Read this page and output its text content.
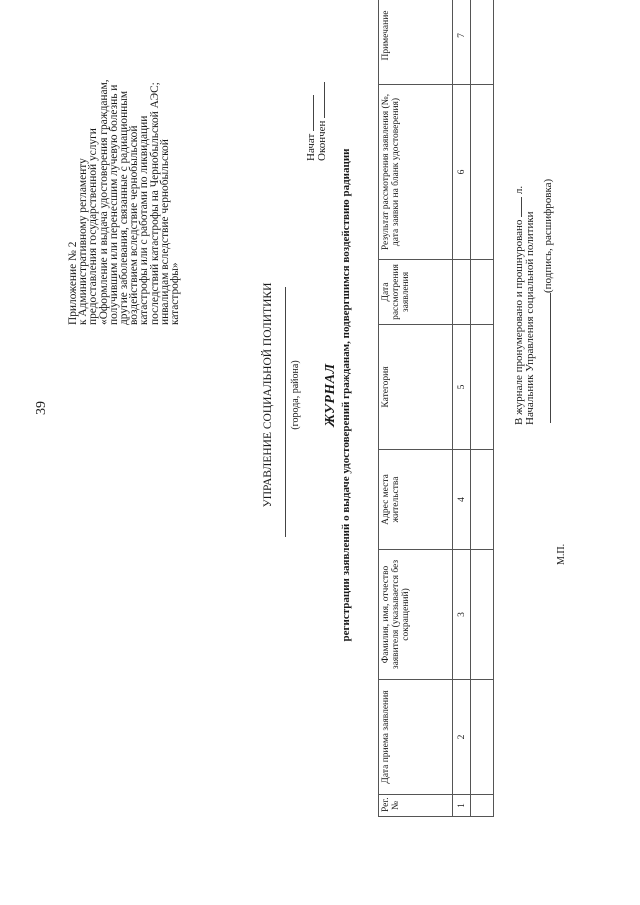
39
Приложение № 2
к Административному регламенту
предоставления государственной услуги
«Оформление и выдача удостоверения гражданам,
получившим или перенесшим лучевую болезнь и
другие заболевания, связанные с радиационным
воздействием вследствие чернобыльской
катастрофы или с работами по ликвидации
последствий катастрофы на Чернобыльской АЭС;
инвалидам вследствие чернобыльской
катастрофы»	УПРАВЛЕНИЕ СОЦИАЛЬНОЙ ПОЛИТИКИ (города, района)
Начат Окончен
ЖУРНАЛ регистрации заявлений о выдаче удостоверений гражданам, подвергшимся воздействию радиации
Рег. №	Дата приема заявления	Фамилия, имя, отчество заявителя (указывается без сокращений)	Адрес места жительства	Категория	Дата рассмотрения заявления	Результат рассмотрения заявления (№, дата заявки на бланк удостоверения)	Примечание
1	2	3	4	5		6	7

В журнале пронумеровано и прошнуровано  л.
Начальник Управления социальной политики (подпись, расшифровка)
М.П.
